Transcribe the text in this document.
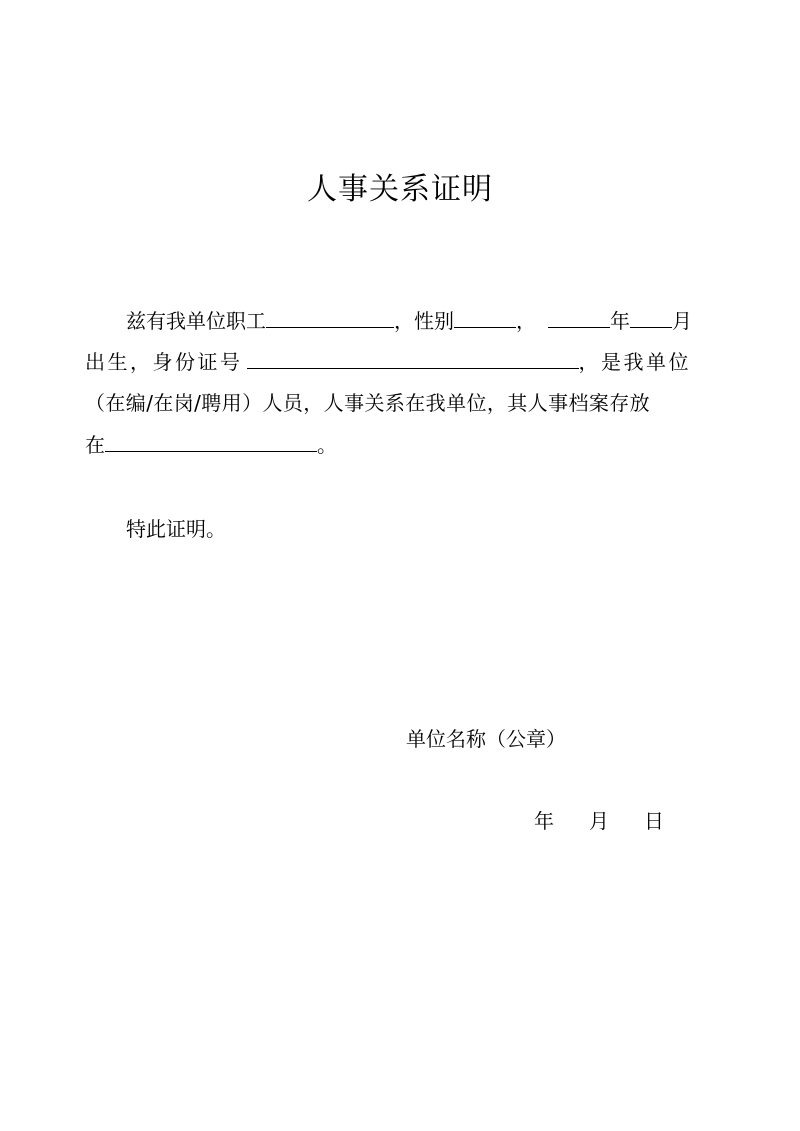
人事关系证明
兹有我单位职工	，性别	，	年 月
出生，身份证号	，是我单位
（在编/在岗/聘用）人员，人事关系在我单位，其人事档案存放
在	。
特此证明。
单位名称（公章）
年 月 日
